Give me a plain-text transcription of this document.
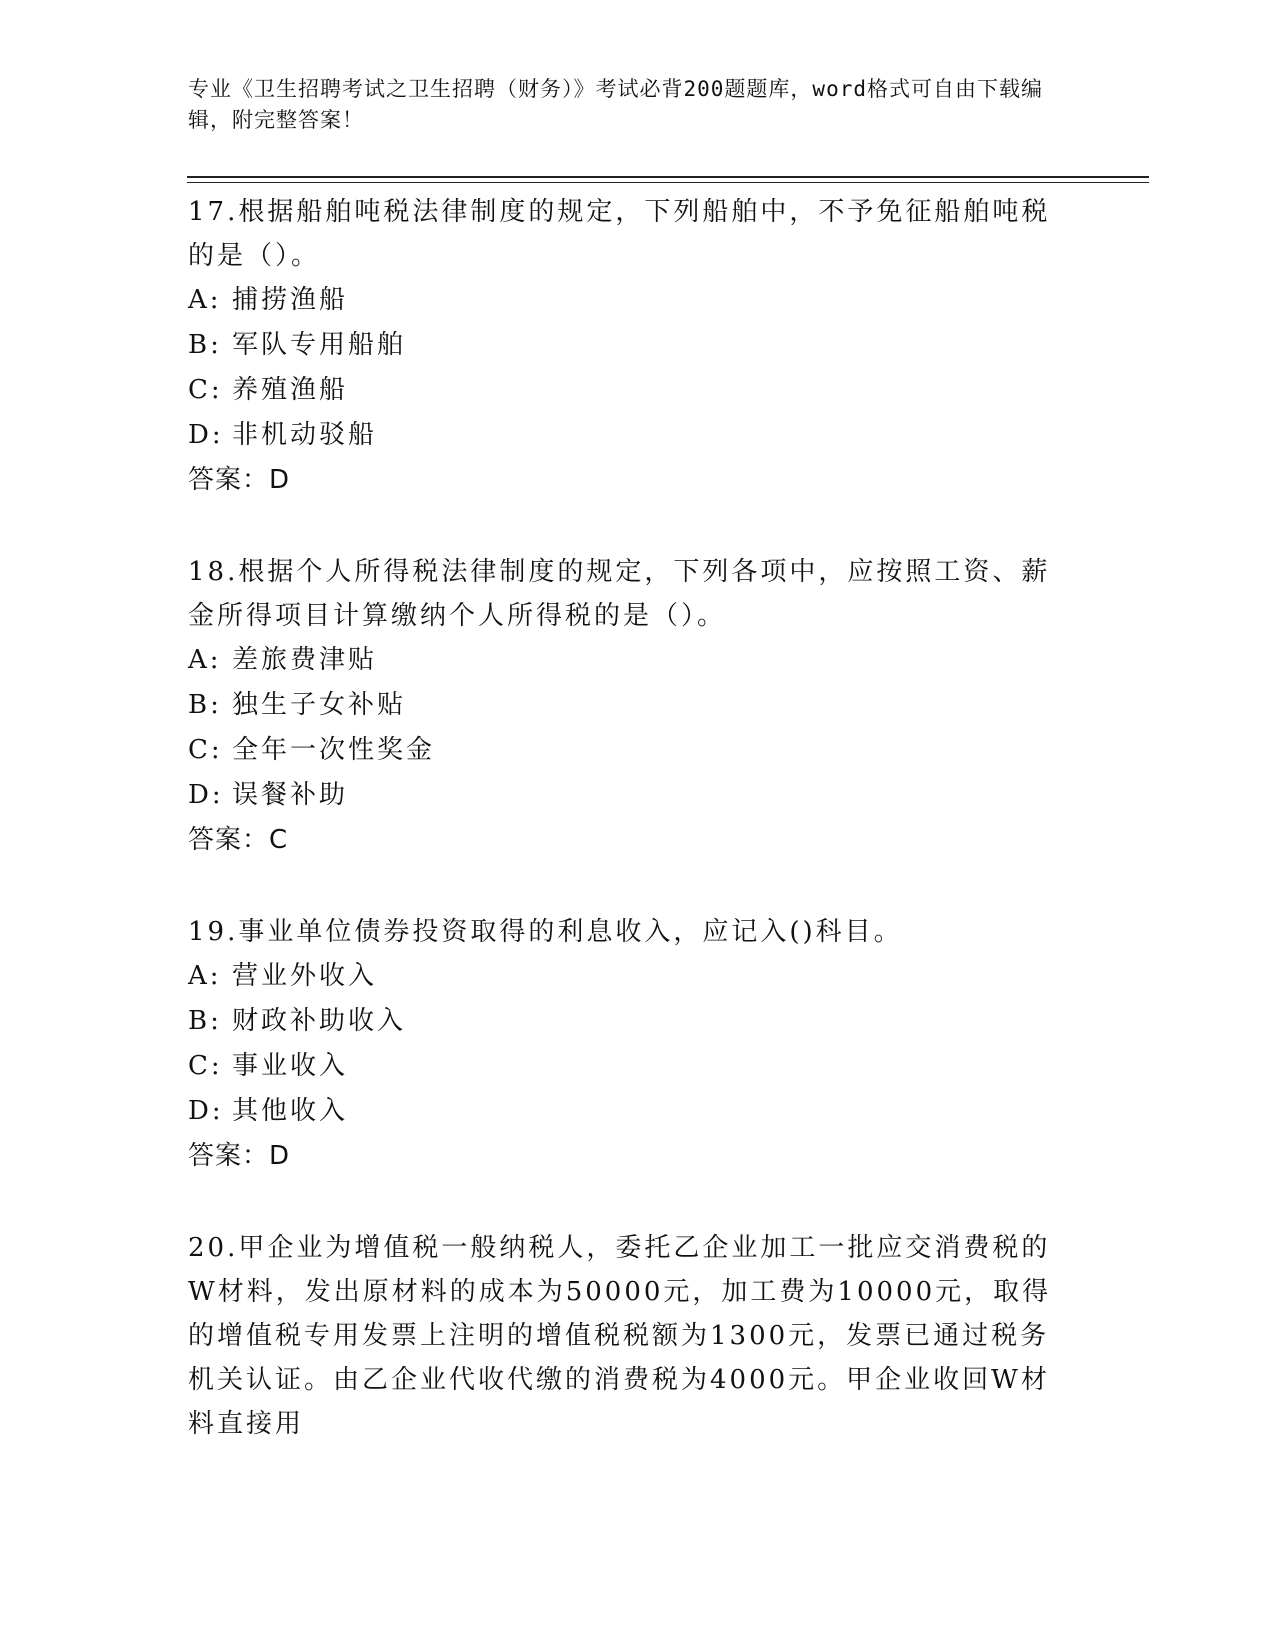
专业《卫生招聘考试之卫生招聘（财务）》考试必背200题题库，word格式可自由下载编辑，附完整答案！

17.根据船舶吨税法律制度的规定，下列船舶中，不予免征船舶吨税的是（）。

A: 捕捞渔船

B: 军队专用船舶

C: 养殖渔船

D: 非机动驳船

答案：D

18.根据个人所得税法律制度的规定，下列各项中，应按照工资、薪金所得项目计算缴纳个人所得税的是（）。

A: 差旅费津贴

B: 独生子女补贴

C: 全年一次性奖金

D: 误餐补助

答案：C

19.事业单位债券投资取得的利息收入，应记入()科目。

A: 营业外收入

B: 财政补助收入

C: 事业收入

D: 其他收入

答案：D

20.甲企业为增值税一般纳税人，委托乙企业加工一批应交消费税的W材料，发出原材料的成本为50000元，加工费为10000元，取得的增值税专用发票上注明的增值税税额为1300元，发票已通过税务机关认证。由乙企业代收代缴的消费税为4000元。甲企业收回W材料直接用
